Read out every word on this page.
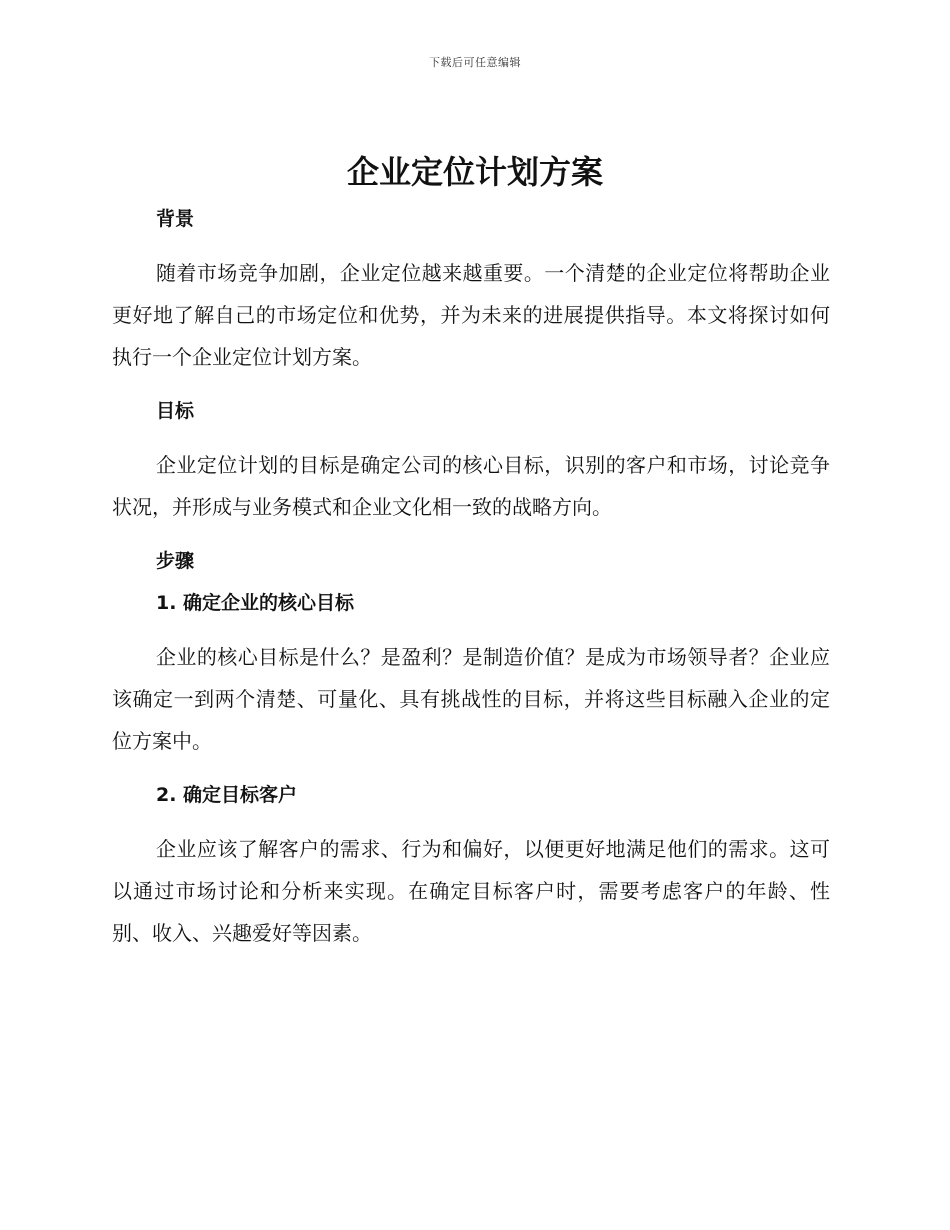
下载后可任意编辑
企业定位计划方案
背景

随着市场竞争加剧，企业定位越来越重要。一个清楚的企业定位将帮助企业更好地了解自己的市场定位和优势，并为未来的进展提供指导。本文将探讨如何执行一个企业定位计划方案。

目标

企业定位计划的目标是确定公司的核心目标，识别的客户和市场，讨论竞争状况，并形成与业务模式和企业文化相一致的战略方向。

步骤
1. 确定企业的核心目标

企业的核心目标是什么？是盈利？是制造价值？是成为市场领导者？企业应该确定一到两个清楚、可量化、具有挑战性的目标，并将这些目标融入企业的定位方案中。

2. 确定目标客户

企业应该了解客户的需求、行为和偏好，以便更好地满足他们的需求。这可以通过市场讨论和分析来实现。在确定目标客户时，需要考虑客户的年龄、性别、收入、兴趣爱好等因素。
